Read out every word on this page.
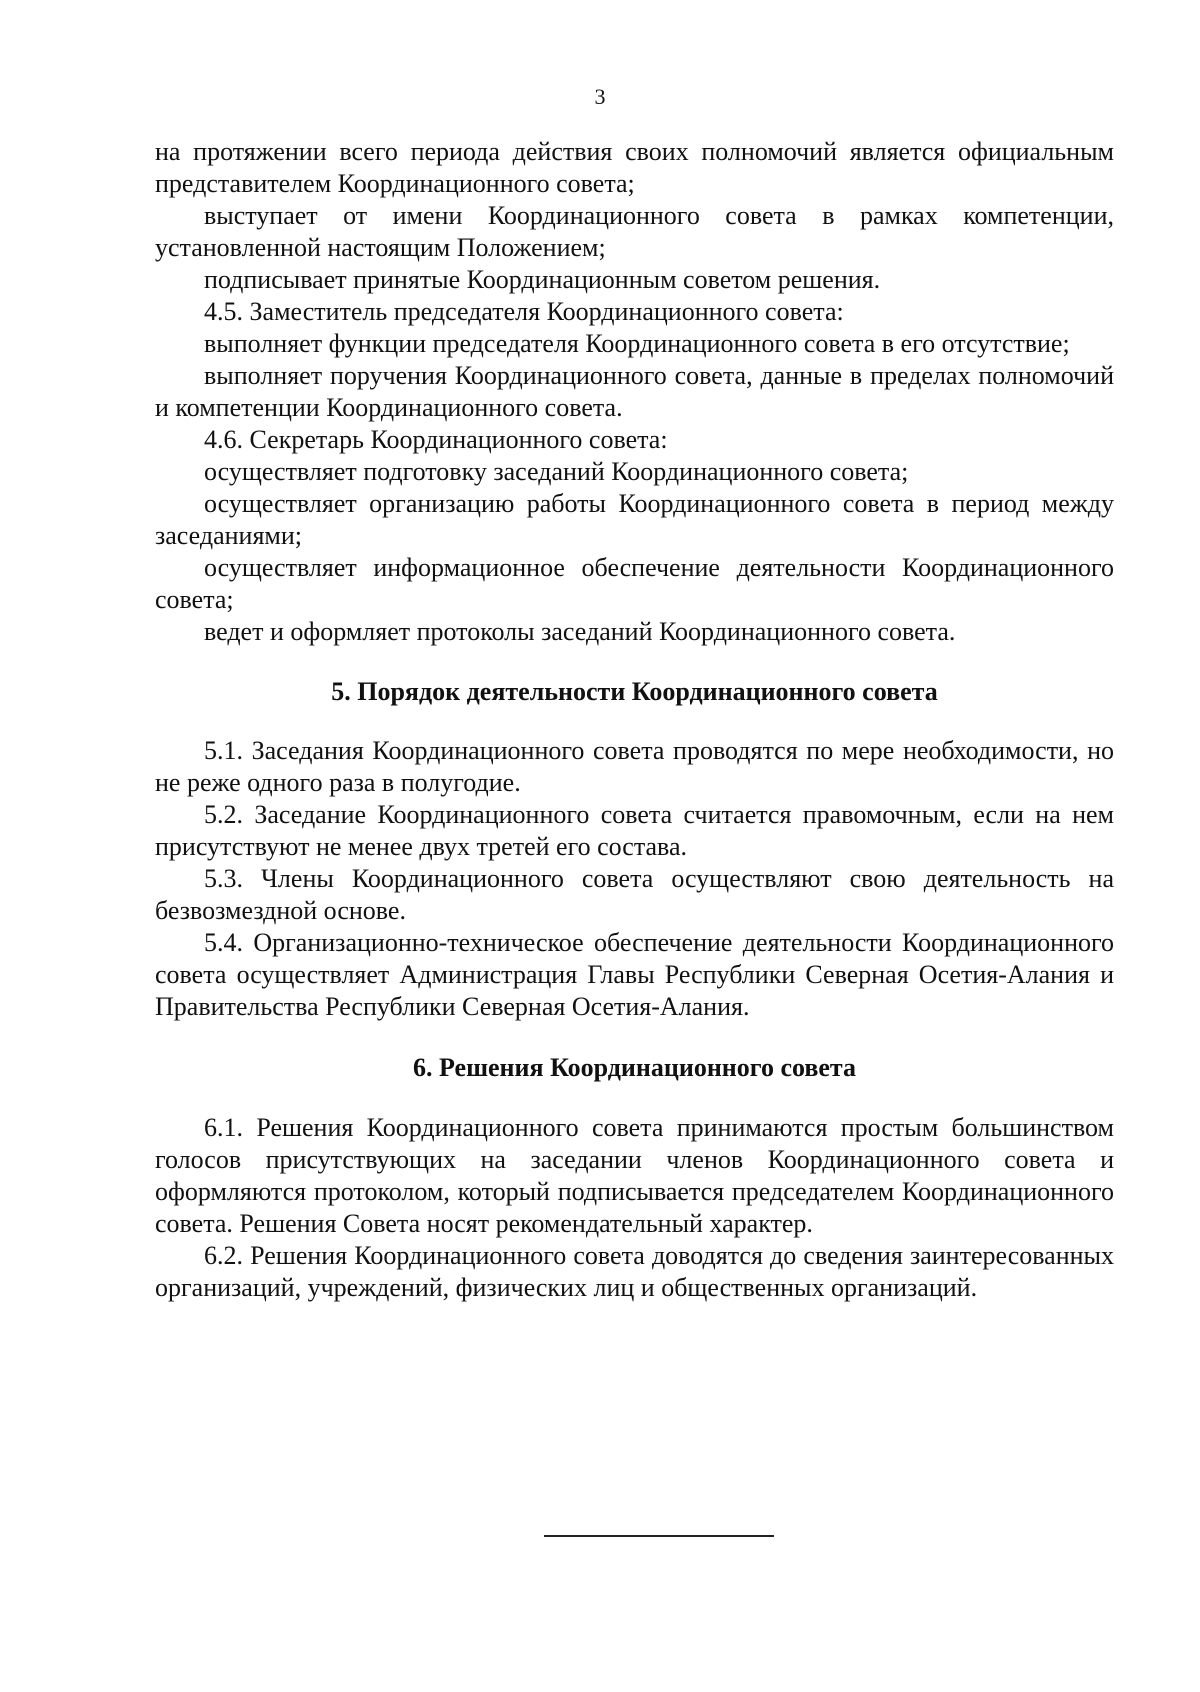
3

на протяжении всего периода действия своих полномочий является официальным представителем Координационного совета;

выступает от имени Координационного совета в рамках компетенции, установленной настоящим Положением;

подписывает принятые Координационным советом решения.

4.5. Заместитель председателя Координационного совета:

выполняет функции председателя Координационного совета в его отсутствие;

выполняет поручения Координационного совета, данные в пределах полномочий и компетенции Координационного совета.

4.6. Секретарь Координационного совета:

осуществляет подготовку заседаний Координационного совета;

осуществляет организацию работы Координационного совета в период между заседаниями;

осуществляет информационное обеспечение деятельности Координационного совета;

ведет и оформляет протоколы заседаний Координационного совета.

5. Порядок деятельности Координационного совета

5.1. Заседания Координационного совета проводятся по мере необходимости, но не реже одного раза в полугодие.

5.2. Заседание Координационного совета считается правомочным, если на нем присутствуют не менее двух третей его состава.

5.3. Члены Координационного совета осуществляют свою деятельность на безвозмездной основе.

5.4. Организационно-техническое обеспечение деятельности Координационного совета осуществляет Администрация Главы Республики Северная Осетия-Алания и Правительства Республики Северная Осетия-Алания.

6. Решения Координационного совета

6.1. Решения Координационного совета принимаются простым большинством голосов присутствующих на заседании членов Координационного совета и оформляются протоколом, который подписывается председателем Координационного совета. Решения Совета носят рекомендательный характер.

6.2. Решения Координационного совета доводятся до сведения заинтересованных организаций, учреждений, физических лиц и общественных организаций.
